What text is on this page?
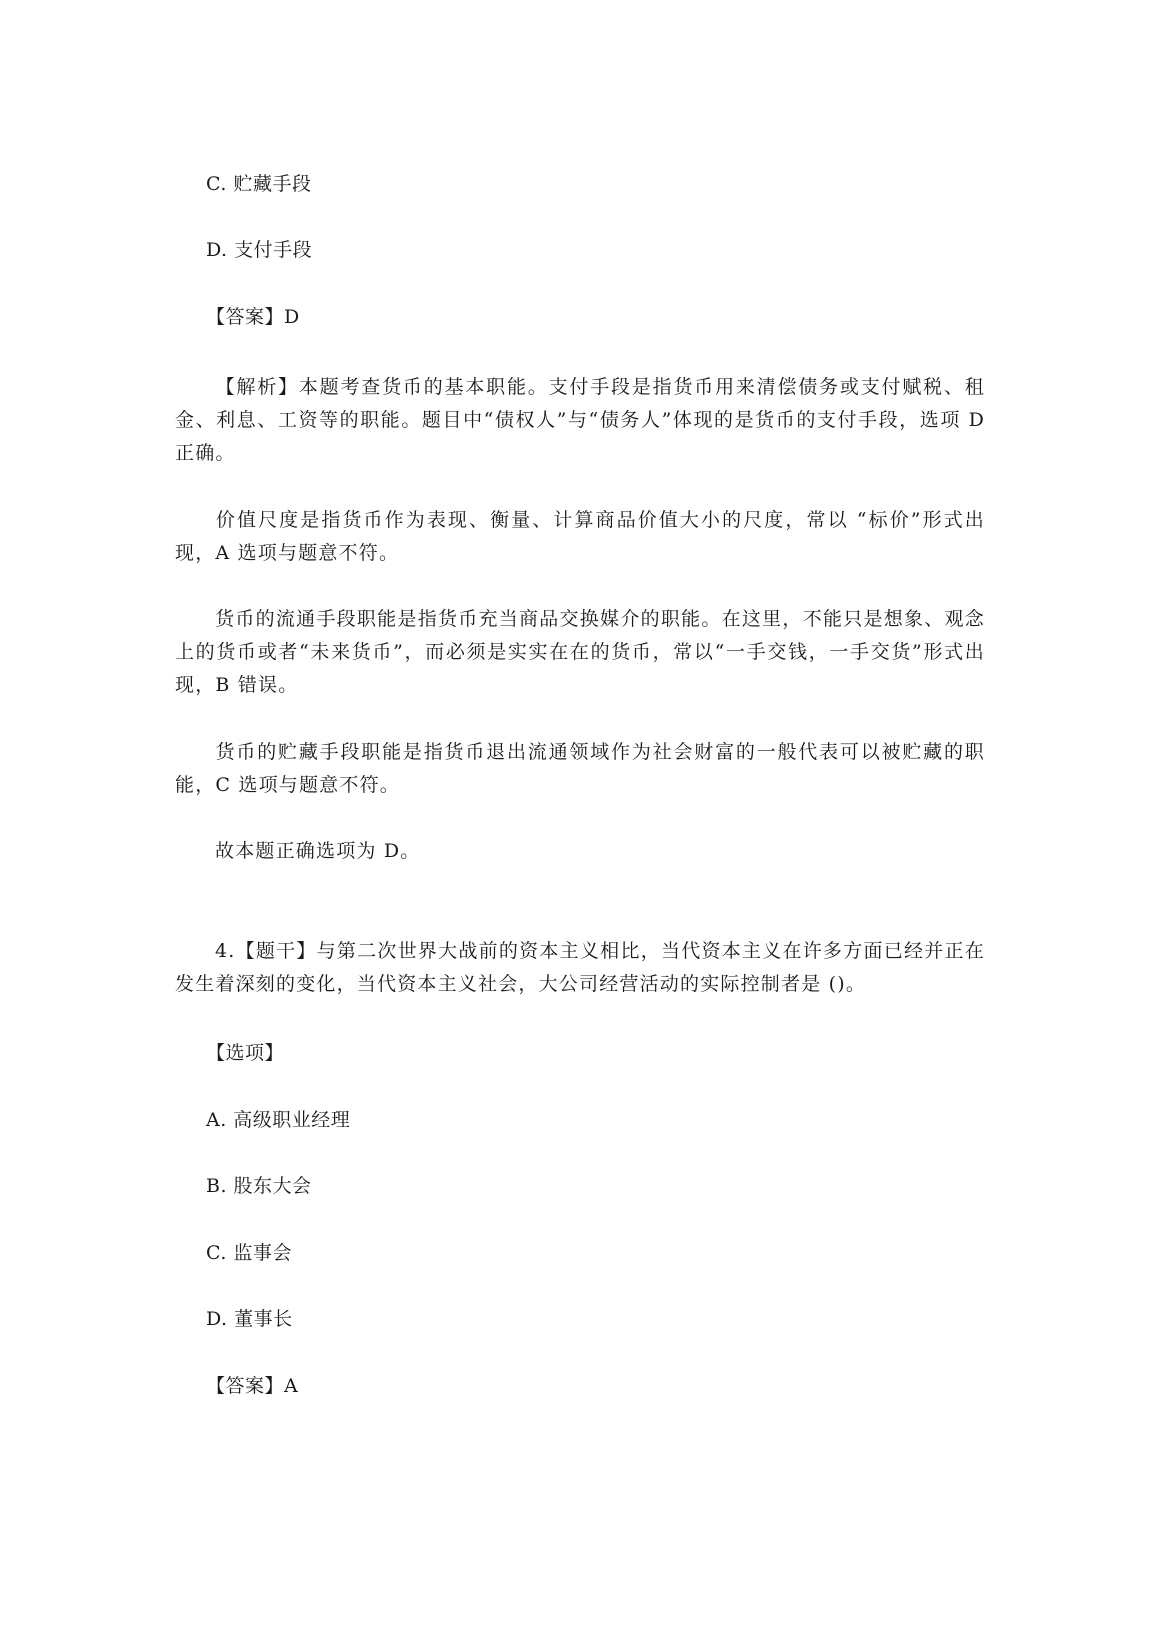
C. 贮藏手段
D. 支付手段
【答案】D
【解析】本题考查货币的基本职能。支付手段是指货币用来清偿债务或支付赋税、租金、利息、工资等的职能。题目中“债权人”与“债务人”体现的是货币的支付手段，选项 D 正确。
价值尺度是指货币作为表现、衡量、计算商品价值大小的尺度，常以 “标价”形式出现，A 选项与题意不符。
货币的流通手段职能是指货币充当商品交换媒介的职能。在这里，不能只是想象、观念上的货币或者“未来货币”，而必须是实实在在的货币，常以“一手交钱，一手交货”形式出现，B 错误。
货币的贮藏手段职能是指货币退出流通领域作为社会财富的一般代表可以被贮藏的职能，C 选项与题意不符。
故本题正确选项为 D。
4.【题干】与第二次世界大战前的资本主义相比，当代资本主义在许多方面已经并正在发生着深刻的变化，当代资本主义社会，大公司经营活动的实际控制者是 ()。
【选项】
A. 高级职业经理
B. 股东大会
C. 监事会
D. 董事长
【答案】A
